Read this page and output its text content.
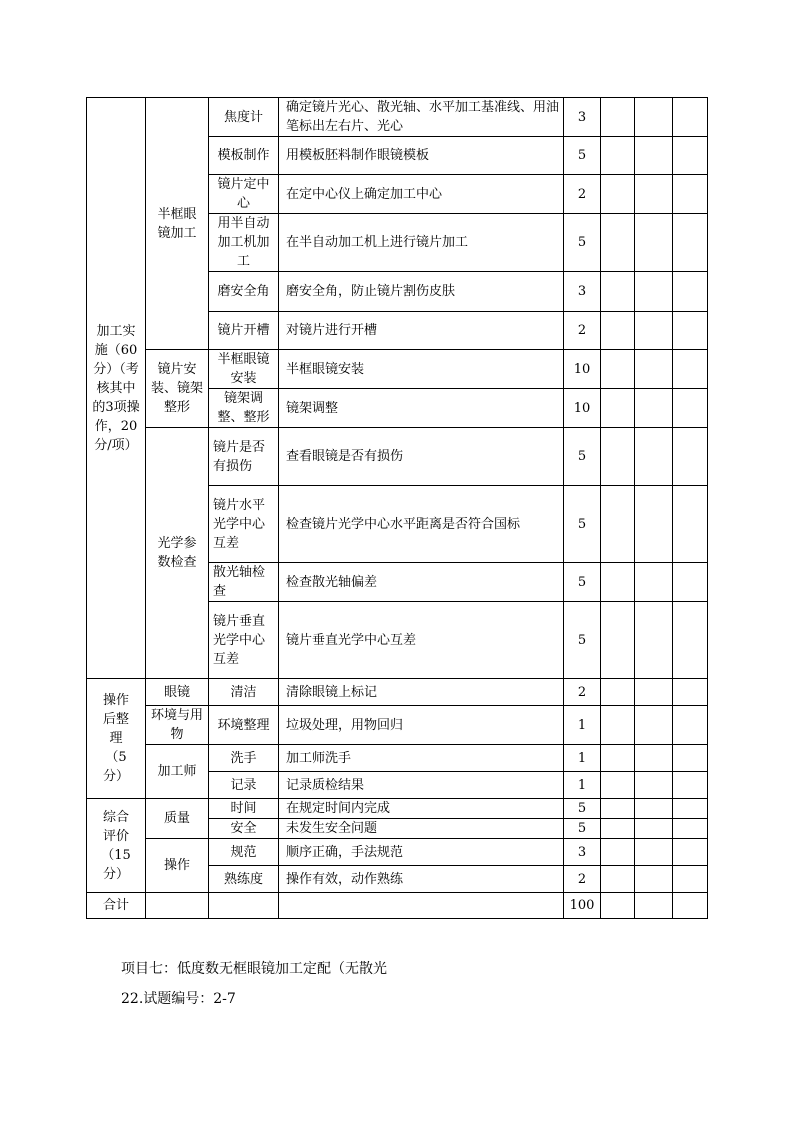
加工实施（60分）（考核其中的3项操作，20分/项）	半框眼镜加工	焦度计	确定镜片光心、散光轴、水平加工基准线、用油笔标出左右片、光心	3			
		模板制作	用模板胚料制作眼镜模板	5			
		镜片定中心	在定中心仪上确定加工中心	2			
		用半自动加工机加工	在半自动加工机上进行镜片加工	5			
		磨安全角	磨安全角，防止镜片割伤皮肤	3			
		镜片开槽	对镜片进行开槽	2			
	镜片安装、镜架整形	半框眼镜安装	半框眼镜安装	10			
		镜架调整、整形	镜架调整	10			
	光学参数检查	镜片是否有损伤	查看眼镜是否有损伤	5			
		镜片水平光学中心互差	检查镜片光学中心水平距离是否符合国标	5			
		散光轴检查	检查散光轴偏差	5			
		镜片垂直光学中心互差	镜片垂直光学中心互差	5			
操作后整理（5分）	眼镜	清洁	清除眼镜上标记	2			
	环境与用物	环境整理	垃圾处理，用物回归	1			
	加工师	洗手	加工师洗手	1			
		记录	记录质检结果	1			
综合评价（15分）	质量	时间	在规定时间内完成	5			
		安全	未发生安全问题	5			
	操作	规范	顺序正确，手法规范	3			
		熟练度	操作有效，动作熟练	2			
合计				100			
项目七：低度数无框眼镜加工定配（无散光
22.试题编号：2-7
